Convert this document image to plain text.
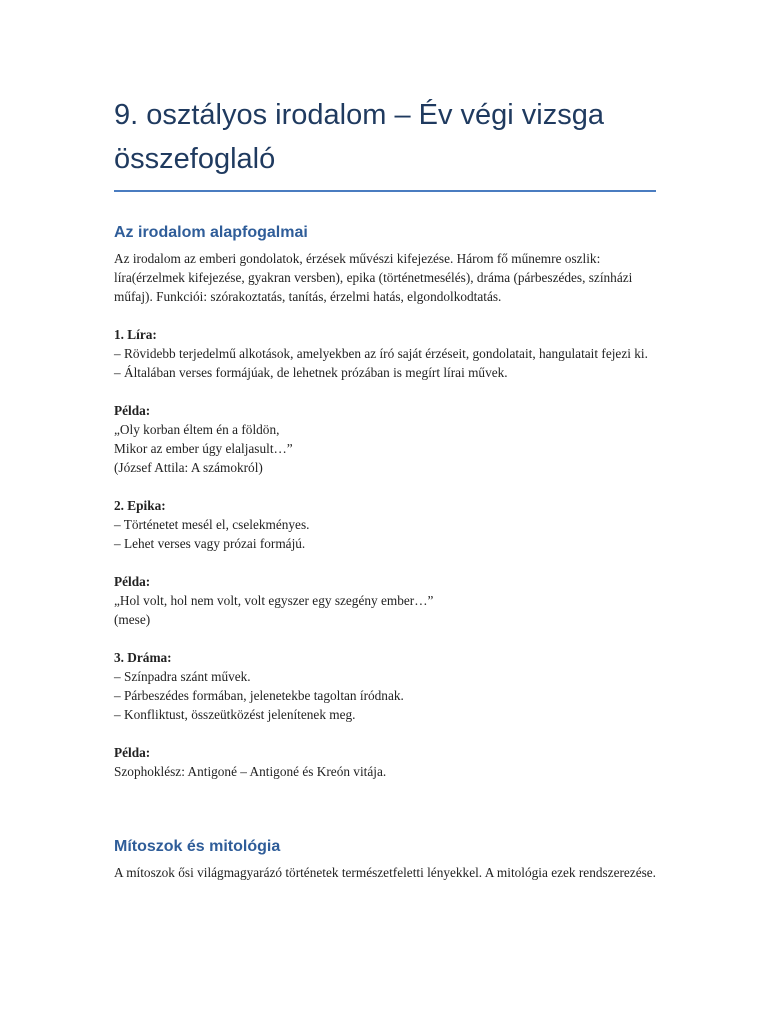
9. osztályos irodalom – Év végi vizsga
összefoglaló
Az irodalom alapfogalmai

Az irodalom az emberi gondolatok, érzések művészi kifejezése. Három fő műnemre oszlik: líra(érzelmek kifejezése, gyakran versben), epika (történetmesélés), dráma (párbeszédes, színházi műfaj). Funkciói: szórakoztatás, tanítás, érzelmi hatás, elgondolkodtatás.

1. Líra:
– Rövidebb terjedelmű alkotások, amelyekben az író saját érzéseit, gondolatait, hangulatait fejezi ki.
– Általában verses formájúak, de lehetnek prózában is megírt lírai művek.

Példa:
„Oly korban éltem én a földön,
Mikor az ember úgy elaljasult…”
(József Attila: A számokról)

2. Epika:
– Történetet mesél el, cselekményes.
– Lehet verses vagy prózai formájú.

Példa:
„Hol volt, hol nem volt, volt egyszer egy szegény ember…”
(mese)

3. Dráma:
– Színpadra szánt művek.
– Párbeszédes formában, jelenetekbe tagoltan íródnak.
– Konfliktust, összeütközést jelenítenek meg.

Példa:
Szophoklész: Antigoné – Antigoné és Kreón vitája.

Mítoszok és mitológia

A mítoszok ősi világmagyarázó történetek természetfeletti lényekkel. A mitológia ezek rendszerezése.
